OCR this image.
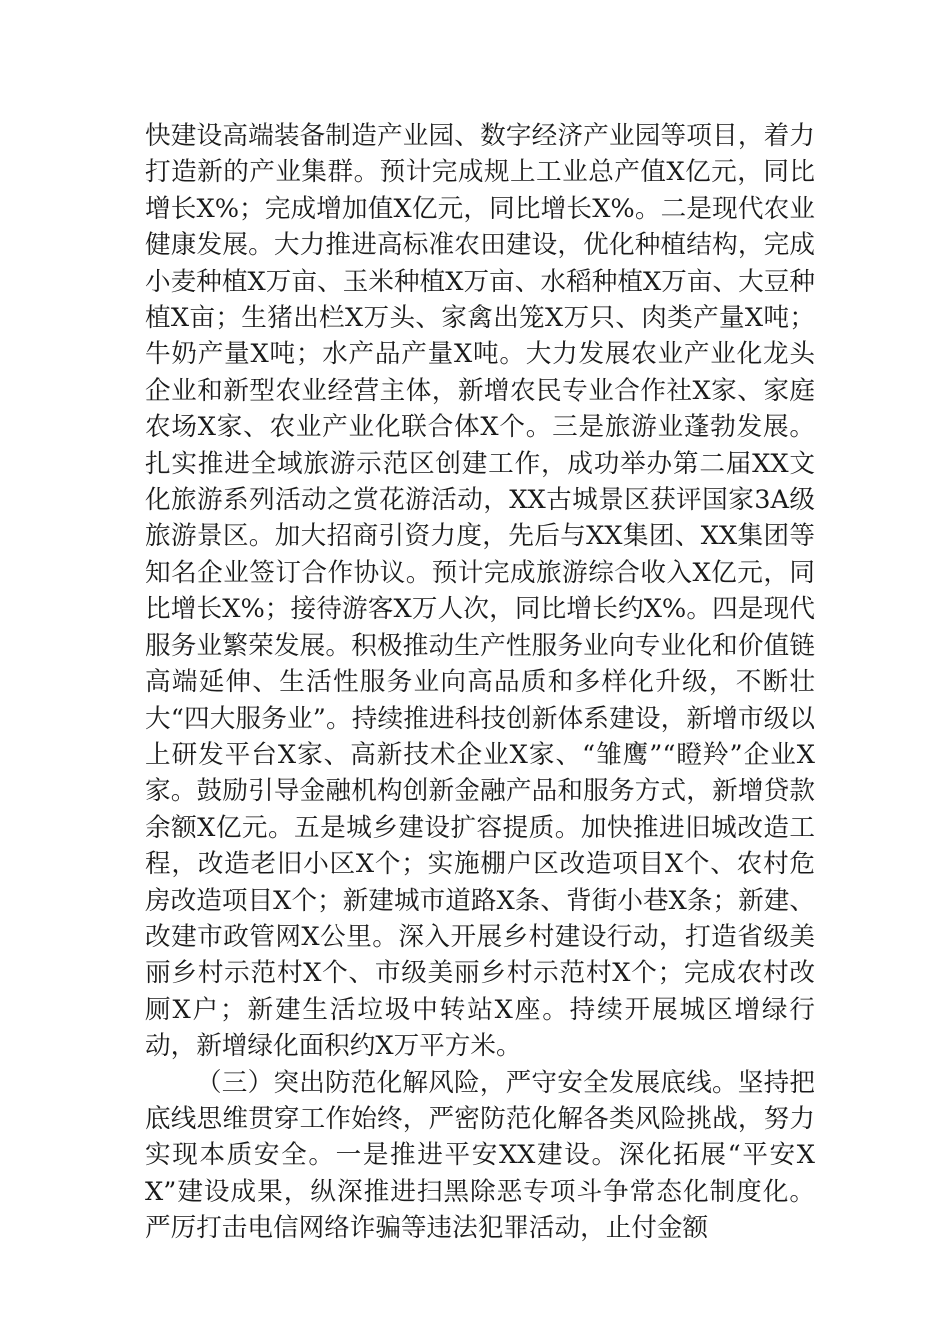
快建设高端装备制造产业园、数字经济产业园等项目，着力打造新的产业集群。预计完成规上工业总产值X亿元，同比增长X%；完成增加值X亿元，同比增长X%。二是现代农业健康发展。大力推进高标准农田建设，优化种植结构，完成小麦种植X万亩、玉米种植X万亩、水稻种植X万亩、大豆种植X亩；生猪出栏X万头、家禽出笼X万只、肉类产量X吨；牛奶产量X吨；水产品产量X吨。大力发展农业产业化龙头企业和新型农业经营主体，新增农民专业合作社X家、家庭农场X家、农业产业化联合体X个。三是旅游业蓬勃发展。扎实推进全域旅游示范区创建工作，成功举办第二届XX文化旅游系列活动之赏花游活动，XX古城景区获评国家3A级旅游景区。加大招商引资力度，先后与XX集团、XX集团等知名企业签订合作协议。预计完成旅游综合收入X亿元，同比增长X%；接待游客X万人次，同比增长约X%。四是现代服务业繁荣发展。积极推动生产性服务业向专业化和价值链高端延伸、生活性服务业向高品质和多样化升级，不断壮大“四大服务业”。持续推进科技创新体系建设，新增市级以上研发平台X家、高新技术企业X家、“雏鹰”“瞪羚”企业X家。鼓励引导金融机构创新金融产品和服务方式，新增贷款余额X亿元。五是城乡建设扩容提质。加快推进旧城改造工程，改造老旧小区X个；实施棚户区改造项目X个、农村危房改造项目X个；新建城市道路X条、背街小巷X条；新建、改建市政管网X公里。深入开展乡村建设行动，打造省级美丽乡村示范村X个、市级美丽乡村示范村X个；完成农村改厕X户；新建生活垃圾中转站X座。持续开展城区增绿行动，新增绿化面积约X万平方米。

（三）突出防范化解风险，严守安全发展底线。坚持把底线思维贯穿工作始终，严密防范化解各类风险挑战，努力实现本质安全。一是推进平安XX建设。深化拓展“平安XX”建设成果，纵深推进扫黑除恶专项斗争常态化制度化。严厉打击电信网络诈骗等违法犯罪活动，止付金额
